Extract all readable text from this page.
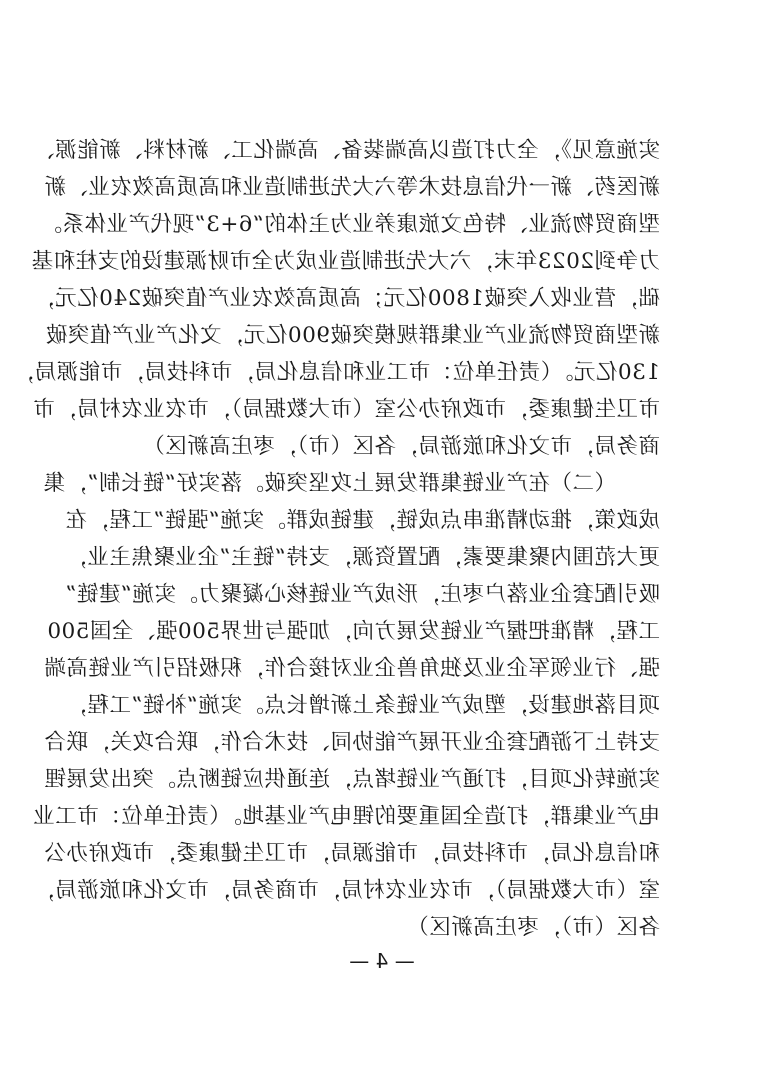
实施意见》，全力打造以高端装备、高端化工、新材料、新能源、
新医药、新一代信息技术等六大先进制造业和高质高效农业、新
型商贸物流业、特色文旅康养业为主体的“6+3”现代产业体系。
力争到2023年末，六大先进制造业成为全市财源建设的支柱和基
础，营业收入突破1800亿元；高质高效农业产值突破240亿元，
新型商贸物流业产业集群规模突破900亿元，文化产业产值突破
130亿元。（责任单位：市工业和信息化局，市科技局，市能源局，
市卫生健康委，市政府办公室（市大数据局），市农业农村局，市
商务局，市文化和旅游局，各区（市），枣庄高新区）
（二）在产业链集群发展上攻坚突破。落实好“链长制”，集
成政策，推动精准串点成链，建链成群。实施“强链”工程，在
更大范围内聚集要素，配置资源，支持“链主”企业聚焦主业，
吸引配套企业落户枣庄，形成产业链核心凝聚力。实施“建链”
工程，精准把握产业链发展方向，加强与世界500强、全国500
强、行业领军企业及独角兽企业对接合作，积极招引产业链高端
项目落地建设，塑成产业链条上新增长点。实施“补链”工程，
支持上下游配套企业开展产能协同、技术合作，联合攻关，联合
实施转化项目，打通产业链堵点，连通供应链断点。突出发展锂
电产业集群，打造全国重要的锂电产业基地。（责任单位：市工业
和信息化局，市科技局，市能源局，市卫生健康委，市政府办公
室（市大数据局），市农业农村局，市商务局，市文化和旅游局，
各区（市），枣庄高新区）
— 4 —
